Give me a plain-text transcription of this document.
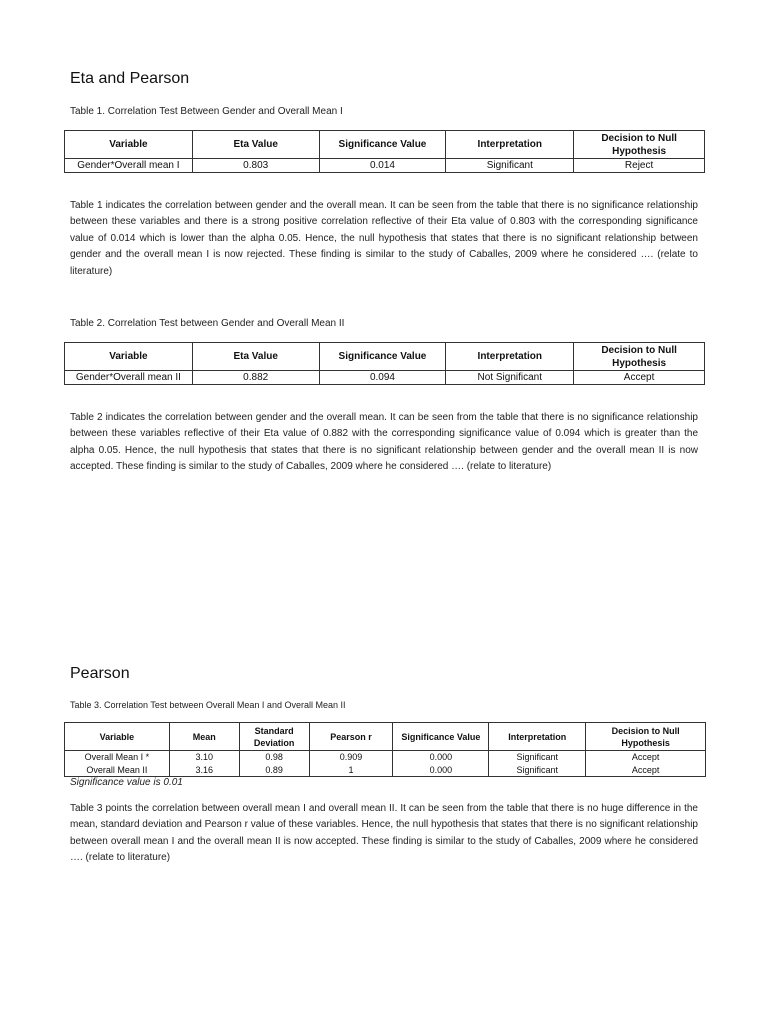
Eta and Pearson
Table 1. Correlation Test Between Gender and Overall Mean I
Variable	Eta Value	Significance Value	Interpretation	Decision to Null Hypothesis
Gender*Overall mean I	0.803	0.014	Significant	Reject
Table 1 indicates the correlation between gender and the overall mean. It can be seen from the table that there is no significance relationship between these variables and there is a strong positive correlation reflective of their Eta value of 0.803 with the corresponding significance value of 0.014 which is lower than the alpha 0.05. Hence, the null hypothesis that states that there is no significant relationship between gender and the overall mean I is now rejected. These finding is similar to the study of Caballes, 2009 where he considered …. (relate to literature)
Table 2. Correlation Test between Gender and Overall Mean II
Variable	Eta Value	Significance Value	Interpretation	Decision to Null Hypothesis
Gender*Overall mean II	0.882	0.094	Not Significant	Accept
Table 2 indicates the correlation between gender and the overall mean. It can be seen from the table that there is no significance relationship between these variables reflective of their Eta value of 0.882 with the corresponding significance value of 0.094 which is greater than the alpha 0.05. Hence, the null hypothesis that states that there is no significant relationship between gender and the overall mean II is now accepted. These finding is similar to the study of Caballes, 2009 where he considered …. (relate to literature)
Pearson
Table 3. Correlation Test between Overall Mean I and Overall Mean II
Variable	Mean	Standard Deviation	Pearson r	Significance Value	Interpretation	Decision to Null Hypothesis
Overall Mean I *	3.10	0.98	0.909	0.000	Significant	Accept
Overall Mean II	3.16	0.89	1	0.000	Significant	Accept
Significance value is 0.01
Table 3 points the correlation between overall mean I and overall mean II. It can be seen from the table that there is no huge difference in the mean, standard deviation and Pearson r value of these variables. Hence, the null hypothesis that states that there is no significant relationship between overall mean I and the overall mean II is now accepted. These finding is similar to the study of Caballes, 2009 where he considered …. (relate to literature)
